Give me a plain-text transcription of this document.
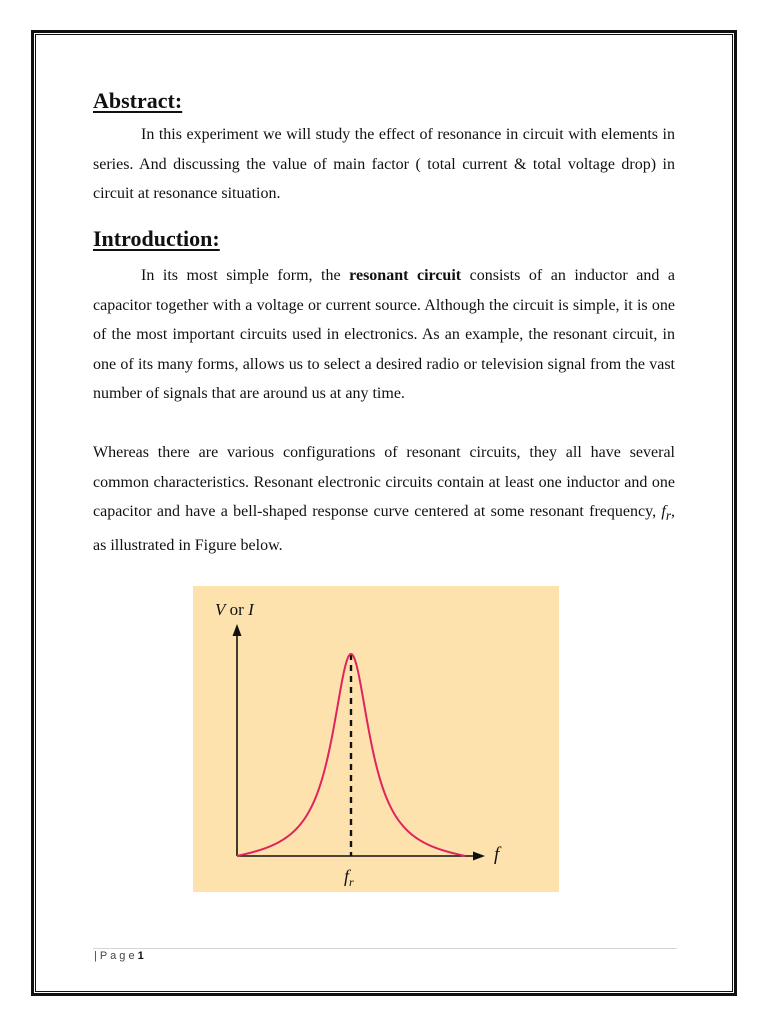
Abstract:

In this experiment we will study the effect of resonance in circuit with elements in series. And discussing the value of main factor ( total current & total voltage drop) in circuit at resonance situation.

Introduction:

In its most simple form, the resonant circuit consists of an inductor and a capacitor together with a voltage or current source. Although the circuit is simple, it is one of the most important circuits used in electronics. As an example, the resonant circuit, in one of its many forms, allows us to select a desired radio or television signal from the vast number of signals that are around us at any time.

Whereas there are various configurations of resonant circuits, they all have several common characteristics. Resonant electronic circuits contain at least one inductor and one capacitor and have a bell-shaped response curve centered at some resonant frequency, $f_r$, as illustrated in Figure below.

V or I
f
$f_r$
| P a g e 1
